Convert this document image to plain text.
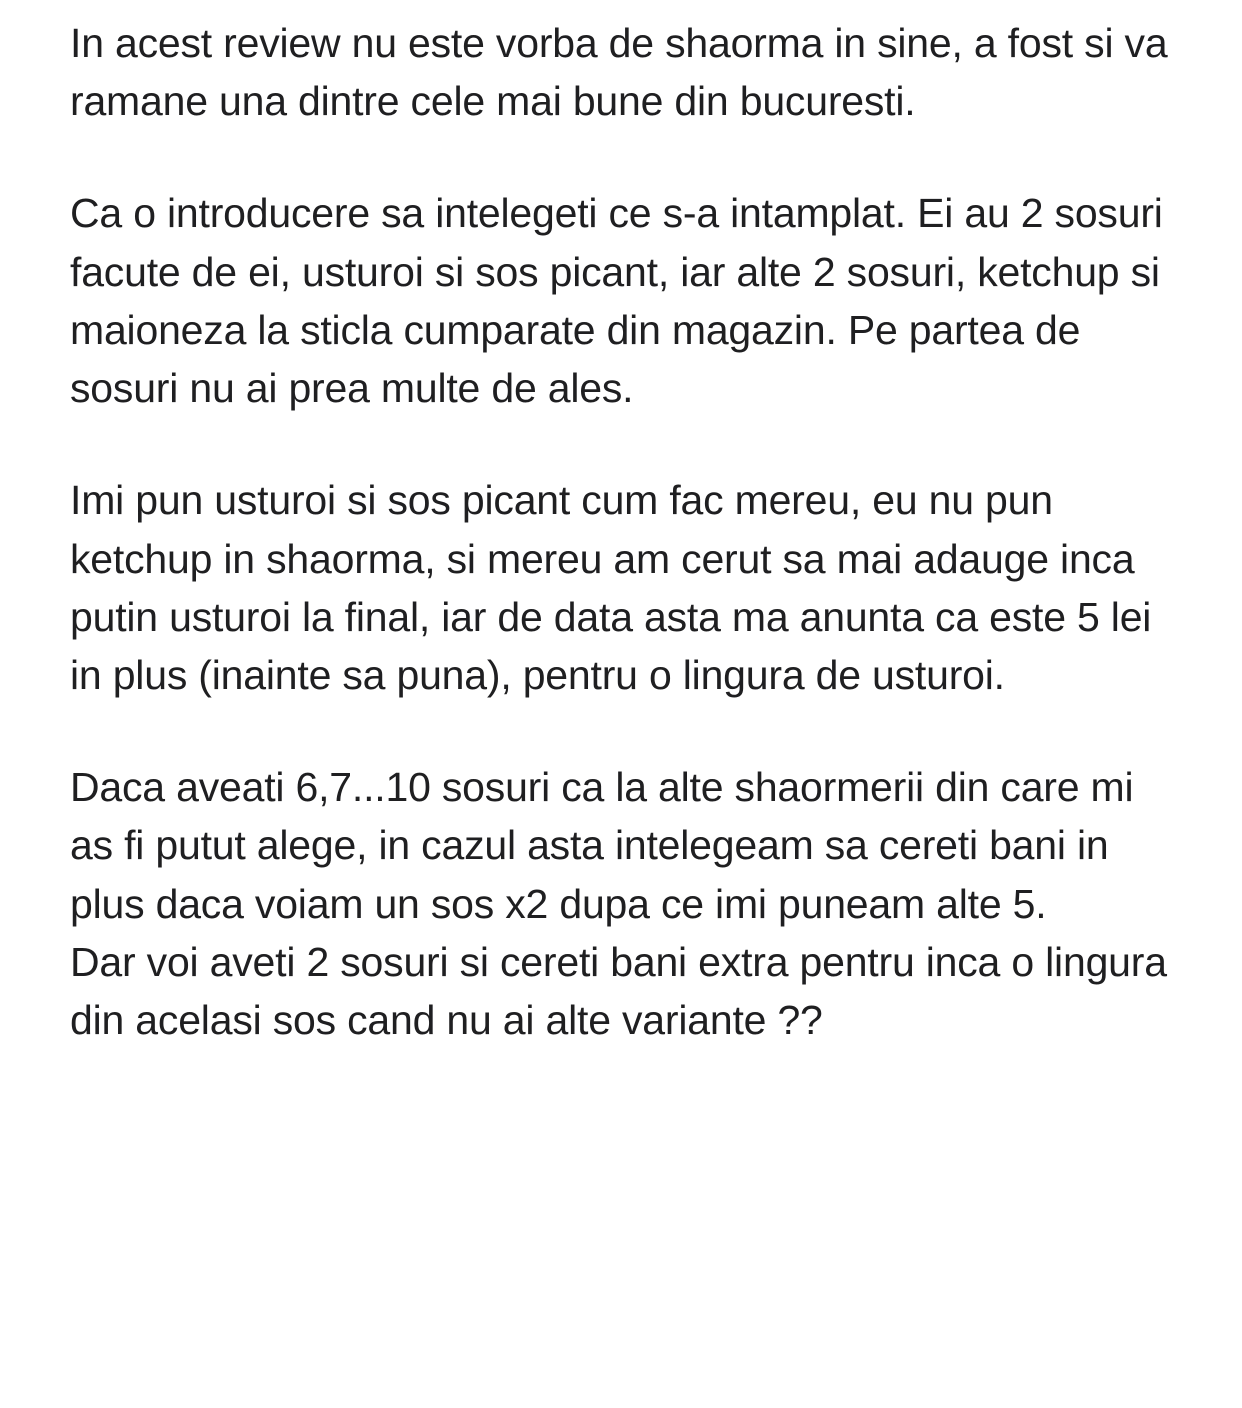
In acest review nu este vorba de shaorma in sine, a fost si va ramane una dintre cele mai bune din bucuresti.

Ca o introducere sa intelegeti ce s-a intamplat. Ei au 2 sosuri facute de ei, usturoi si sos picant, iar alte 2 sosuri, ketchup si maioneza la sticla cumparate din magazin. Pe partea de sosuri nu ai prea multe de ales.

Imi pun usturoi si sos picant cum fac mereu, eu nu pun ketchup in shaorma, si mereu am cerut sa mai adauge inca putin usturoi la final, iar de data asta ma anunta ca este 5 lei in plus (inainte sa puna), pentru o lingura de usturoi.

Daca aveati 6,7...10 sosuri ca la alte shaormerii din care mi as fi putut alege, in cazul asta intelegeam sa cereti bani in plus daca voiam un sos x2 dupa ce imi puneam alte 5.

Dar voi aveti 2 sosuri si cereti bani extra pentru inca o lingura din acelasi sos cand nu ai alte variante ??
